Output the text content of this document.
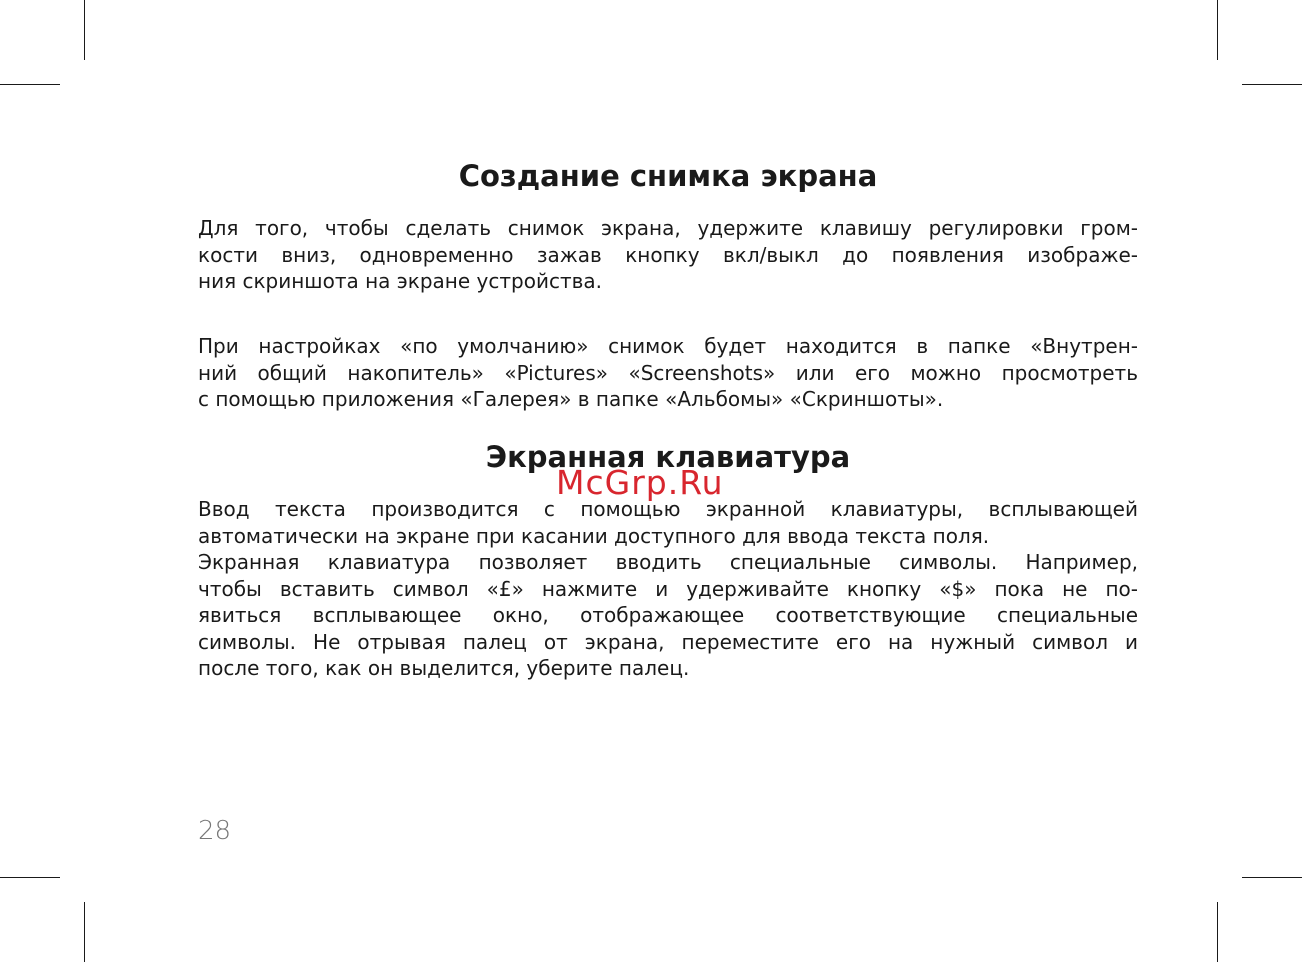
Создание снимка экрана

Для того, чтобы сделать снимок экрана, удержите клавишу регулировки гром-
кости вниз, одновременно зажав кнопку вкл/выкл до появления изображе-
ния скриншота на экране устройства.

При настройках «по умолчанию» снимок будет находится в папке «Внутрен-
ний общий накопитель» «Pictures» «Screenshots» или его можно просмотреть
с помощью приложения «Галерея» в папке «Альбомы» «Скриншоты».

Экранная клавиатура

Ввод текста производится с помощью экранной клавиатуры, всплывающей
автоматически на экране при касании доступного для ввода текста поля.
Экранная клавиатура позволяет вводить специальные символы. Например,
чтобы вставить символ «£» нажмите и удерживайте кнопку «$» пока не по-
явиться всплывающее окно, отображающее соответствующие специальные
символы. Не отрывая палец от экрана, переместите его на нужный символ и
после того, как он выделится, уберите палец.

McGrp.Ru
28
